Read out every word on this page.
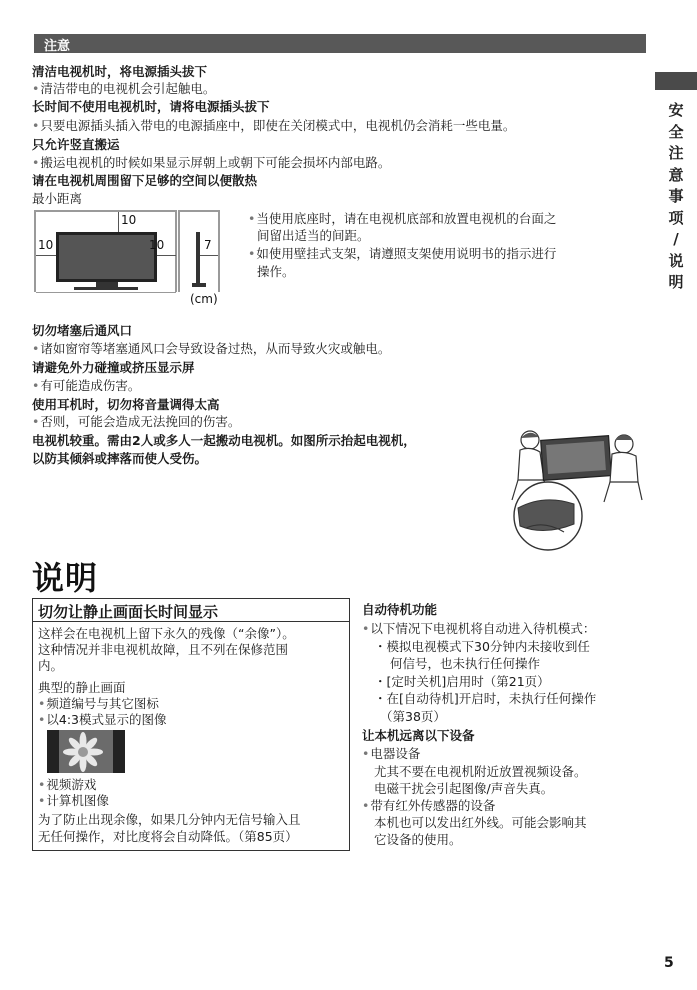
注意
安
全
注
意
事
项
/
说
明
清洁电视机时，将电源插头拔下
• 清洁带电的电视机会引起触电。
长时间不使用电视机时，请将电源插头拔下
• 只要电源插头插入带电的电源插座中，即使在关闭模式中，电视机仍会消耗一些电量。
只允许竖直搬运
• 搬运电视机的时候如果显示屏朝上或朝下可能会损坏内部电路。
请在电视机周围留下足够的空间以便散热
最小距离
10
10	10	7
(cm)
• 当使用底座时，请在电视机底部和放置电视机的台面之
间留出适当的间距。
• 如使用壁挂式支架，请遵照支架使用说明书的指示进行
操作。
切勿堵塞后通风口
• 诸如窗帘等堵塞通风口会导致设备过热，从而导致火灾或触电。
请避免外力碰撞或挤压显示屏
• 有可能造成伤害。
使用耳机时，切勿将音量调得太高
• 否则，可能会造成无法挽回的伤害。
电视机较重。需由2人或多人一起搬动电视机。如图所示抬起电视机，
以防其倾斜或摔落而使人受伤。
说明
切勿让静止画面长时间显示
这样会在电视机上留下永久的残像（“余像”）。
这种情况并非电视机故障，且不列在保修范围
内。
典型的静止画面
• 频道编号与其它图标
• 以4:3模式显示的图像
• 视频游戏
• 计算机图像
为了防止出现余像，如果几分钟内无信号输入且
无任何操作，对比度将会自动降低。（第85页）
自动待机功能
• 以下情况下电视机将自动进入待机模式：
・模拟电视模式下30分钟内未接收到任
何信号，也未执行任何操作
・[定时关机]启用时（第21页）
・在[自动待机]开启时，未执行任何操作
（第38页）
让本机远离以下设备
• 电器设备
尤其不要在电视机附近放置视频设备。
电磁干扰会引起图像/声音失真。
• 带有红外传感器的设备
本机也可以发出红外线。可能会影响其
它设备的使用。
5
